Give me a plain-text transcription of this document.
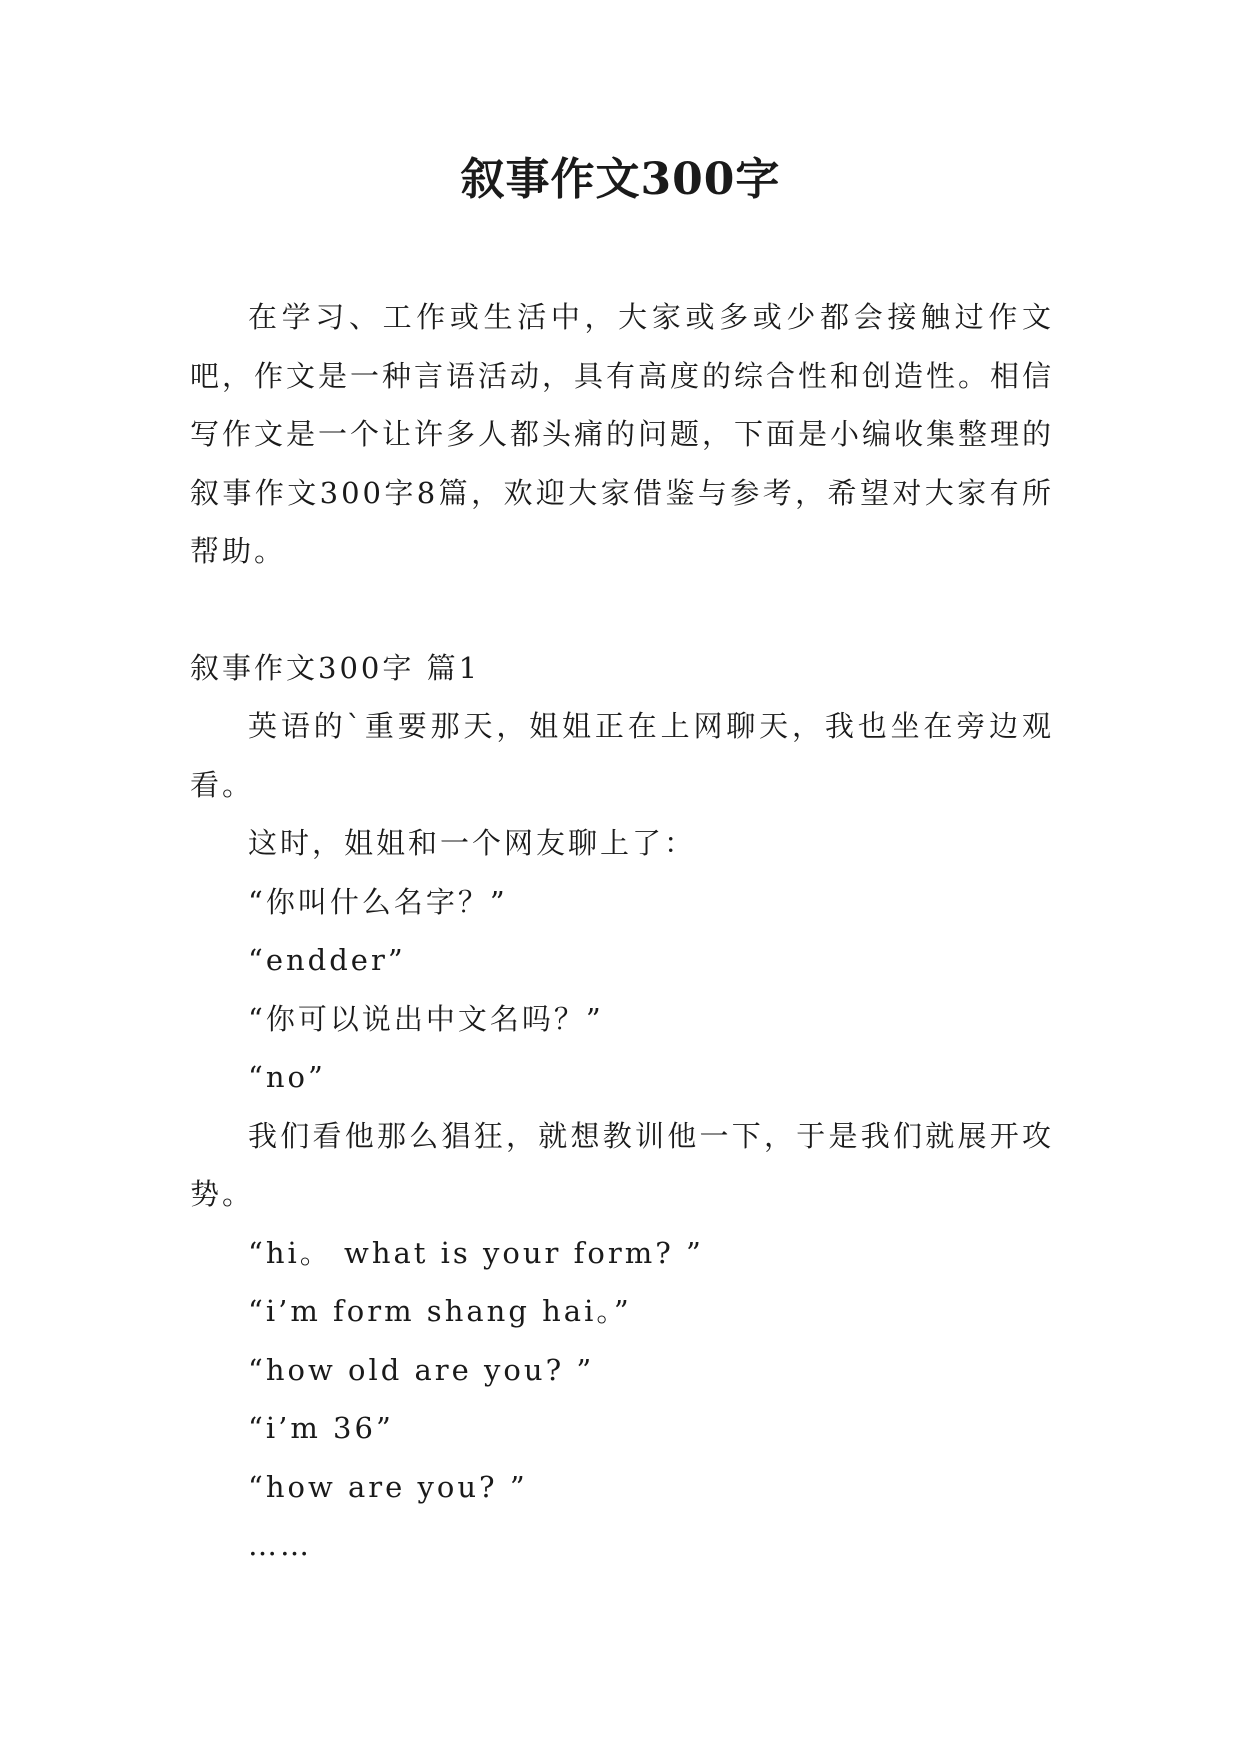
叙事作文300字

在学习、工作或生活中，大家或多或少都会接触过作文吧，作文是一种言语活动，具有高度的综合性和创造性。相信写作文是一个让许多人都头痛的问题，下面是小编收集整理的叙事作文300字8篇，欢迎大家借鉴与参考，希望对大家有所帮助。

叙事作文300字 篇1

英语的`重要那天，姐姐正在上网聊天，我也坐在旁边观看。

这时，姐姐和一个网友聊上了：

“你叫什么名字？”

“endder”

“你可以说出中文名吗？”

“no”

我们看他那么猖狂，就想教训他一下，于是我们就展开攻势。

“hi。 what is your form? ”

“i’m form shang hai。”

“how old are you? ”

“i’m 36”

“how are you? ”

……
